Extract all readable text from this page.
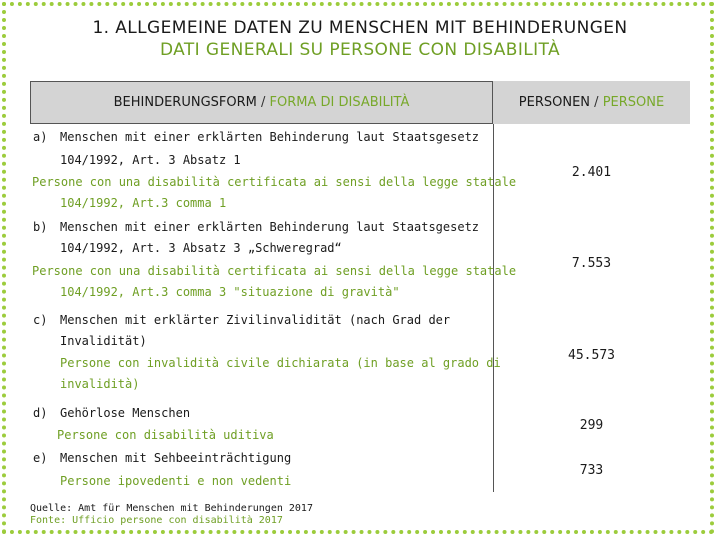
1. ALLGEMEINE DATEN ZU MENSCHEN MIT BEHINDERUNGEN
DATI GENERALI SU PERSONE CON DISABILITÀ
BEHINDERUNGSFORM / FORMA DI DISABILITÀ	PERSONEN / PERSONE
a) Menschen mit einer erklärten Behinderung laut Staatsgesetz
104/1992, Art. 3 Absatz 1
Persone con una disabilità certificata ai sensi della legge statale
104/1992, Art.3 comma 1
2.401
b) Menschen mit einer erklärten Behinderung laut Staatsgesetz
104/1992, Art. 3 Absatz 3 „Schweregrad“
Persone con una disabilità certificata ai sensi della legge statale
104/1992, Art.3 comma 3 "situazione di gravità"
7.553
c) Menschen mit erklärter Zivilinvalidität (nach Grad der
Invalidität)
Persone con invalidità civile dichiarata (in base al grado di
invalidità)
45.573
d) Gehörlose Menschen
Persone con disabilità uditiva
299
e) Menschen mit Sehbeeinträchtigung
Persone ipovedenti e non vedenti
733
Quelle: Amt für Menschen mit Behinderungen 2017
Fonte: Ufficio persone con disabilità 2017
